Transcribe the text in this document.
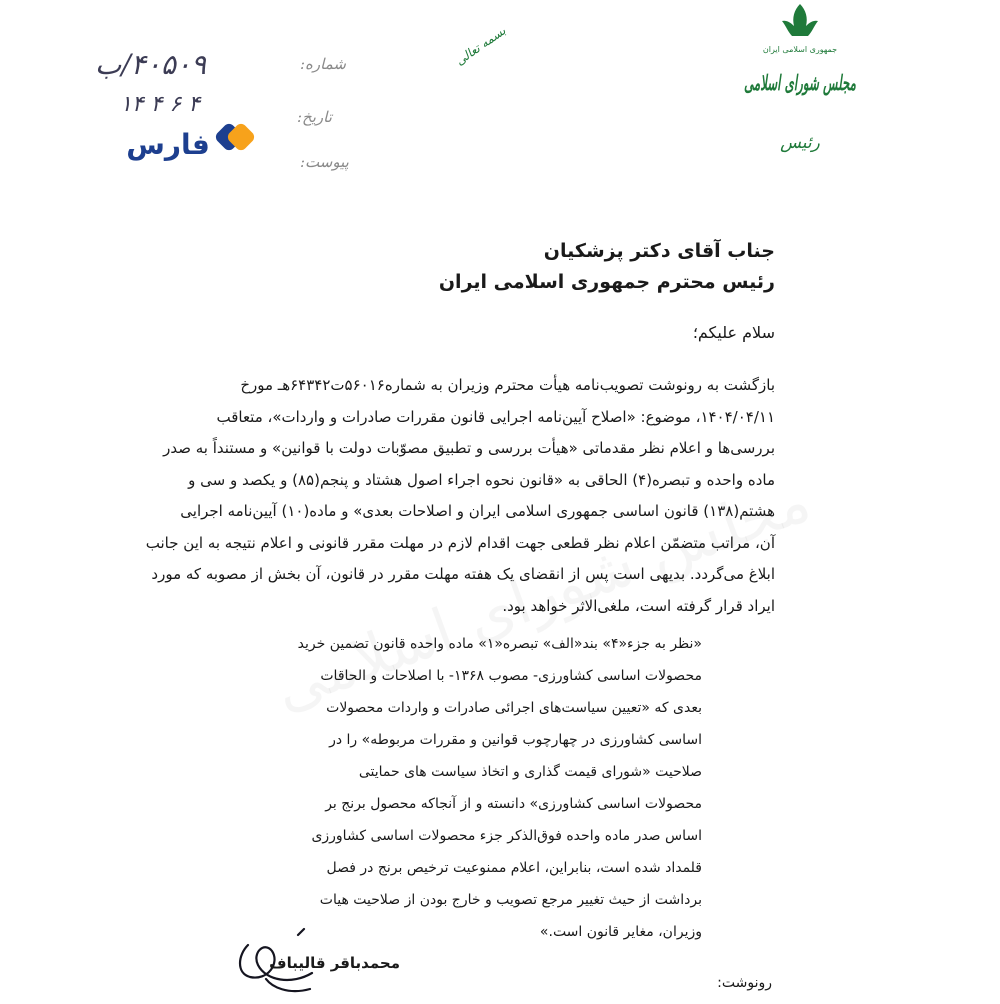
جمهوری اسلامی ایران
مجلس شورای اسلامی
رئیس
بسمه تعالی
شماره:
تاریخ:
پیوست:
۴۰۵۰۹/ب
۱۴ ۴ ۶ ۴
فارس
جناب آقای دکتر پزشکیان
رئیس محترم جمهوری اسلامی ایران
سلام علیکم؛
بازگشت به رونوشت تصویب‌نامه هیأت محترم وزیران به شماره۵۶۰۱۶ت۶۴۳۴۲هـ مورخ
۱۴۰۴/۰۴/۱۱، موضوع: «اصلاح آیین‌نامه اجرایی قانون مقررات صادرات و واردات»، متعاقب
بررسی‌ها و اعلام نظر مقدماتی «هیأت بررسی و تطبیق مصوّبات دولت با قوانین» و مستنداً به صدر
ماده واحده و تبصره(۴) الحاقی به «قانون نحوه اجراء اصول هشتاد و پنجم(۸۵) و یکصد و سی و
هشتم(۱۳۸) قانون اساسی جمهوری اسلامی ایران و اصلاحات بعدی» و ماده(۱۰) آیین‌نامه اجرایی
آن، مراتب متضمّن اعلام نظر قطعی جهت اقدام لازم در مهلت مقرر قانونی و اعلام نتیجه به این جانب
ابلاغ می‌گردد. بدیهی است پس از انقضای یک هفته مهلت مقرر در قانون، آن بخش از مصوبه که مورد
ایراد قرار گرفته است، ملغی‌الاثر خواهد بود.
«نظر به جزء«۴» بند«الف» تبصره«۱» ماده واحده قانون تضمین خرید
محصولات اساسی کشاورزی- مصوب ۱۳۶۸- با اصلاحات و الحاقات
بعدی که «تعیین سیاست‌های اجرائی صادرات و واردات محصولات
اساسی کشاورزی در چهارچوب قوانین و مقررات مربوطه» را در
صلاحیت «شورای قیمت گذاری و اتخاذ سیاست های حمایتی
محصولات اساسی کشاورزی» دانسته و از آنجاکه محصول برنج بر
اساس صدر ماده واحده فوق‌الذکر جزء محصولات اساسی کشاورزی
قلمداد شده است، بنابراین، اعلام ممنوعیت ترخیص برنج در فصل
برداشت از حیث تغییر مرجع تصویب و خارج بودن از صلاحیت هیات
وزیران، مغایر قانون است.»
محمدباقر قالیباف
رونوشت:
